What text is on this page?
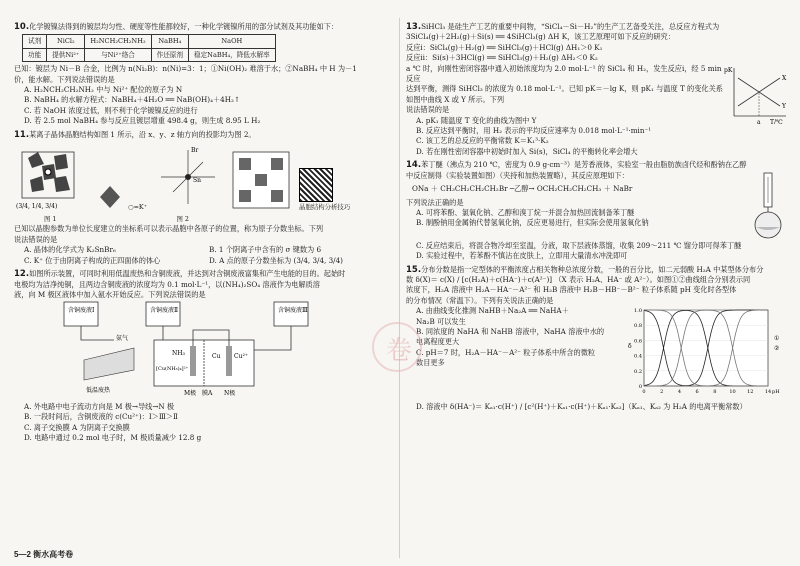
10.化学镀镍法得到的镀层均匀性、硬度等性能都较好，一种化学镀镍所用的部分试剂及其功能如下：
试剂	NiCl₂	H₂NCH₂CH₂NH₂	NaBH₄	NaOH
功能	提供Ni²⁺	与Ni²⁺络合	作还原剂	稳定NaBH₄，降低水解率
已知：镀层为 Ni－B 合金，比例为 n(Ni₂B)：n(Ni)=3：1；①Ni(OH)₂ 难溶于水；②NaBH₄ 中 H 为－1
价，能水解。下列说法错误的是
A. H₂NCH₂CH₂NH₂ 中与 Ni²⁺ 配位的原子为 N
B. NaBH₄ 的水解方程式：NaBH₄＋4H₂O ══ NaB(OH)₄＋4H₂↑
C. 若 NaOH 浓度过低，则不利于化学镀镍反应的进行
D. 若 2.5 mol NaBH₄ 参与反应且镀层增重 498.4 g，则生成 8.95 L H₂
11.某离子晶体晶胞结构如图 1 所示，沿 x、y、z 轴方向的投影均为图 2。
(3/4, 1/4, 3/4)	○=K⁺
Br
Sn
晶胞结构分析技巧
图 1	图 2
已知以晶胞参数为单位长度建立的坐标系可以表示晶胞中各原子的位置，称为原子分数坐标。下列
说法错误的是
A. 晶体的化学式为 K₂SnBr₆	B. 1 个阴离子中含有的 σ 键数为 6
C. K⁺ 位于由阴离子构成的正四面体的体心	D. A 点的原子分数坐标为 (3/4, 3/4, 3/4)
12.如图所示装置，可同时利用低温废热和含铜废液，并达到对含铜废液富集和产生电能的目的。起始时
电极均为洁净纯铜，且两边含铜废液的浓度均为 0.1 mol·L⁻¹，以(NH₄)₂SO₄ 溶液作为电解质溶
液，向 M 极区液体中加入氨水开始反应。下列说法错误的是
含铜废液Ⅰ	含铜废液Ⅱ	含铜废液Ⅲ
低温废热
氨气
NH₃
[Cu(NH₃)₄]²⁺
Cu Cu²⁺
M极 膜A N极
A. 外电路中电子流动方向是 M 极→导线→N 极
B. 一段时间后，含铜废液的 c(Cu²⁺)：Ⅰ＞Ⅲ＞Ⅱ
C. 离子交换膜 A 为阴离子交换膜
D. 电路中通过 0.2 mol 电子时，M 极质量减少 12.8 g
13.SiHCl₃ 是硅生产工艺的重要中间物，“SiCl₄－Si－H₂”的生产工艺备受关注，总反应方程式为
3SiCl₄(g)＋2H₂(g)＋Si(s) ══ 4SiHCl₃(g) ΔH K，该工艺原理可如下反应的研究：
反应ⅰ：SiCl₄(g)＋H₂(g) ══ SiHCl₃(g)＋HCl(g) ΔH₁＞0 K₁
反应ⅱ：Si(s)＋3HCl(g) ══ SiHCl₃(g)＋H₂(g) ΔH₂＜0 K₂
a ℃ 时，向刚性密闭容器中通入初始浓度均为 2.0 mol·L⁻¹ 的 SiCl₄ 和 H₂，发生反应ⅰ，经 5 min 反应
达到平衡，测得 SiHCl₃ 的浓度为 0.18 mol·L⁻¹。已知 pK＝－lg K，则 pK₁ 与温度 T 的变化关系如图中曲线 X 或 Y 所示。下列
说法错误的是
A. pK₁ 随温度 T 变化的曲线为图中 Y
B. 反应达到平衡时，用 H₂ 表示的平均反应速率为 0.018 mol·L⁻¹·min⁻¹
C. 该工艺的总反应的平衡常数 K＝K₁³·K₂
pK
T/℃
a
X
Y
D. 若在刚性密闭容器中初始时加入 Si(s)，SiCl₄ 的平衡转化率会增大
14.苯丁醚（沸点为 210 ℃，密度为 0.9 g·cm⁻³）是芳香液体，实验室一般由脂肪族卤代烃和酚钠在乙醇
中反应制得（实验装置如图）（夹持和加热装置略），其反应原理如下：
ONa ＋ CH₃CH₂CH₂CH₂Br ─乙醇→ OCH₂CH₂CH₂CH₃ ＋ NaBr
下列说法正确的是
A. 可将苯酚、氯氧化钠、乙醇和溴丁烷一并混合加热回流制备苯丁醚
B. 制酚钠用金属钠代替氢氧化钠，反应更易进行，但实际会使用氢氧化钠
C. 反应结束后，将混合物冷却至室温，分液，取下层液体蒸馏，收集 209～211 ℃ 馏分即可得苯丁醚
D. 实验过程中，若苯酚不慎沾在皮肤上，立即用大量清水冲洗即可
15.分布分数是指一定型体的平衡浓度占相关物种总浓度分数，一般的百分比，如二元弱酸 H₂A 中某型体分布分
数 δ(X)＝ c(X) / [c(H₂A)＋c(HA⁻)＋c(A²⁻)] （X 表示 H₂A、HA⁻ 或 A²⁻）。如图①②曲线组合分别表示同
浓度下，H₂A 溶液中 H₂A－HA⁻－A²⁻ 和 H₂B 溶液中 H₂B－HB⁻－B²⁻ 粒子体系随 pH 变化时各型体
的分布情况（常温下）。下列有关说法正确的是
A. 由曲线变化推测 NaHB＋Na₂A ══ NaHA＋
Na₂B 可以发生
B. 同浓度的 NaHA 和 NaHB 溶液中，NaHA 溶液中水的
电离程度更大
C. pH＝7 时，H₂A－HA⁻－A²⁻ 粒子体系中所含的微粒
数目更多
0
0.2
0.4
0.6
0.8
1.0
0	2	4	6	8	10 12 14 pH
δ
①
②
D. 溶液中 δ(HA⁻)＝ Kₐ₁·c(H⁺) / [c²(H⁺)＋Kₐ₁·c(H⁺)＋Kₐ₁·Kₐ₂]（Kₐ₁、Kₐ₂ 为 H₂A 的电离平衡常数）
卷
5—2 衡水高考卷
